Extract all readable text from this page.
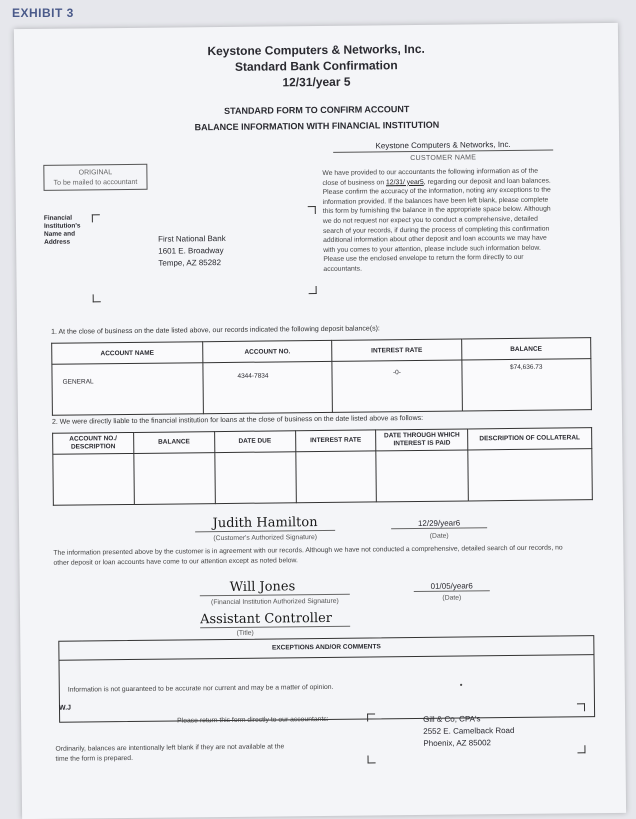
EXHIBIT 3
Keystone Computers & Networks, Inc.
Standard Bank Confirmation
12/31/year 5
STANDARD FORM TO CONFIRM ACCOUNT
BALANCE INFORMATION WITH FINANCIAL INSTITUTION
Keystone Computers & Networks, Inc.
CUSTOMER NAME
ORIGINAL
To be mailed to accountant
Financial
Institution's
Name and
Address	First National Bank
1601 E. Broadway
Tempe, AZ 85282
We have provided to our accountants the following information as of the close of business on 12/31/ year5, regarding our deposit and loan balances. Please confirm the accuracy of the information, noting any exceptions to the information provided. If the balances have been left blank, please complete this form by furnishing the balance in the appropriate space below. Although we do not request nor expect you to conduct a comprehensive, detailed search of your records, if during the process of completing this confirmation additional information about other deposit and loan accounts we may have with you comes to your attention, please include such information below. Please use the enclosed envelope to return the form directly to our accountants.
1. At the close of business on the date listed above, our records indicated the following deposit balance(s):
ACCOUNT NAME	ACCOUNT NO.	INTEREST RATE	BALANCE
GENERAL	4344-7834	-0-	$74,636.73
2. We were directly liable to the financial institution for loans at the close of business on the date listed above as follows:
ACCOUNT NO./ DESCRIPTION	BALANCE	DATE DUE	INTEREST RATE	DATE THROUGH WHICH INTEREST IS PAID	DESCRIPTION OF COLLATERAL

Judith Hamilton
(Customer's Authorized Signature)
12/29/year6
(Date)
The information presented above by the customer is in agreement with our records. Although we have not conducted a comprehensive, detailed search of our records, no other deposit or loan accounts have come to our attention except as noted below.
Will Jones
(Financial Institution Authorized Signature)
01/05/year6
(Date)
Assistant Controller
(Title)
EXCEPTIONS AND/OR COMMENTS
Information is not guaranteed to be accurate nor current and may be a matter of opinion.	•
W.J
Please return this form directly to our accountants:	Gill & Co, CPA's
2552 E. Camelback Road
Phoenix, AZ 85002
Ordinarily, balances are intentionally left blank if they are not available at the time the form is prepared.
